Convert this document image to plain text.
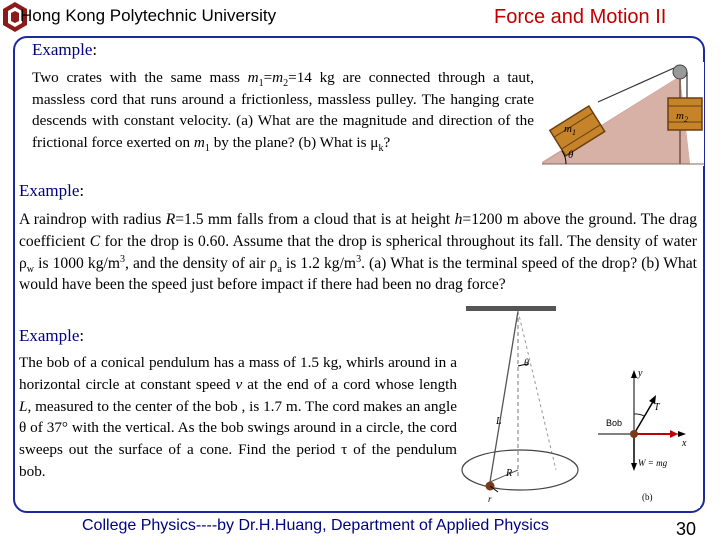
Hong Kong Polytechnic University	Force and Motion II
Example:
Two crates with the same mass $m_1=m_2=14$ kg are connected through a taut, massless cord that runs around a frictionless, massless pulley. The hanging crate descends with constant velocity. (a) What are the magnitude and direction of the frictional force exerted on $m_1$ by the plane? (b) What is $\mu_k$?
$m_1$
$m_2$
θ
Example:
A raindrop with radius R=1.5 mm falls from a cloud that is at height h=1200 m above the ground. The drag coefficient C for the drop is 0.60. Assume that the drop is spherical throughout its fall. The density of water $\rho_w$ is 1000 $kg/m^3$, and the density of air $\rho_a$ is 1.2 $kg/m^3$. (a) What is the terminal speed of the drop? (b) What would have been the speed just before impact if there had been no drag force?
Example:
The bob of a conical pendulum has a mass of 1.5 kg, whirls around in a horizontal circle at constant speed v at the end of a cord whose length L, measured to the center of the bob , is 1.7 m. The cord makes an angle θ of 37° with the vertical. As the bob swings around in a circle, the cord sweeps out the surface of a cone. Find the period τ of the pendulum bob.
θ
L
R
r
y
x
Bob
T
W = mg
(b)
College Physics----by Dr.H.Huang, Department of Applied Physics	30
